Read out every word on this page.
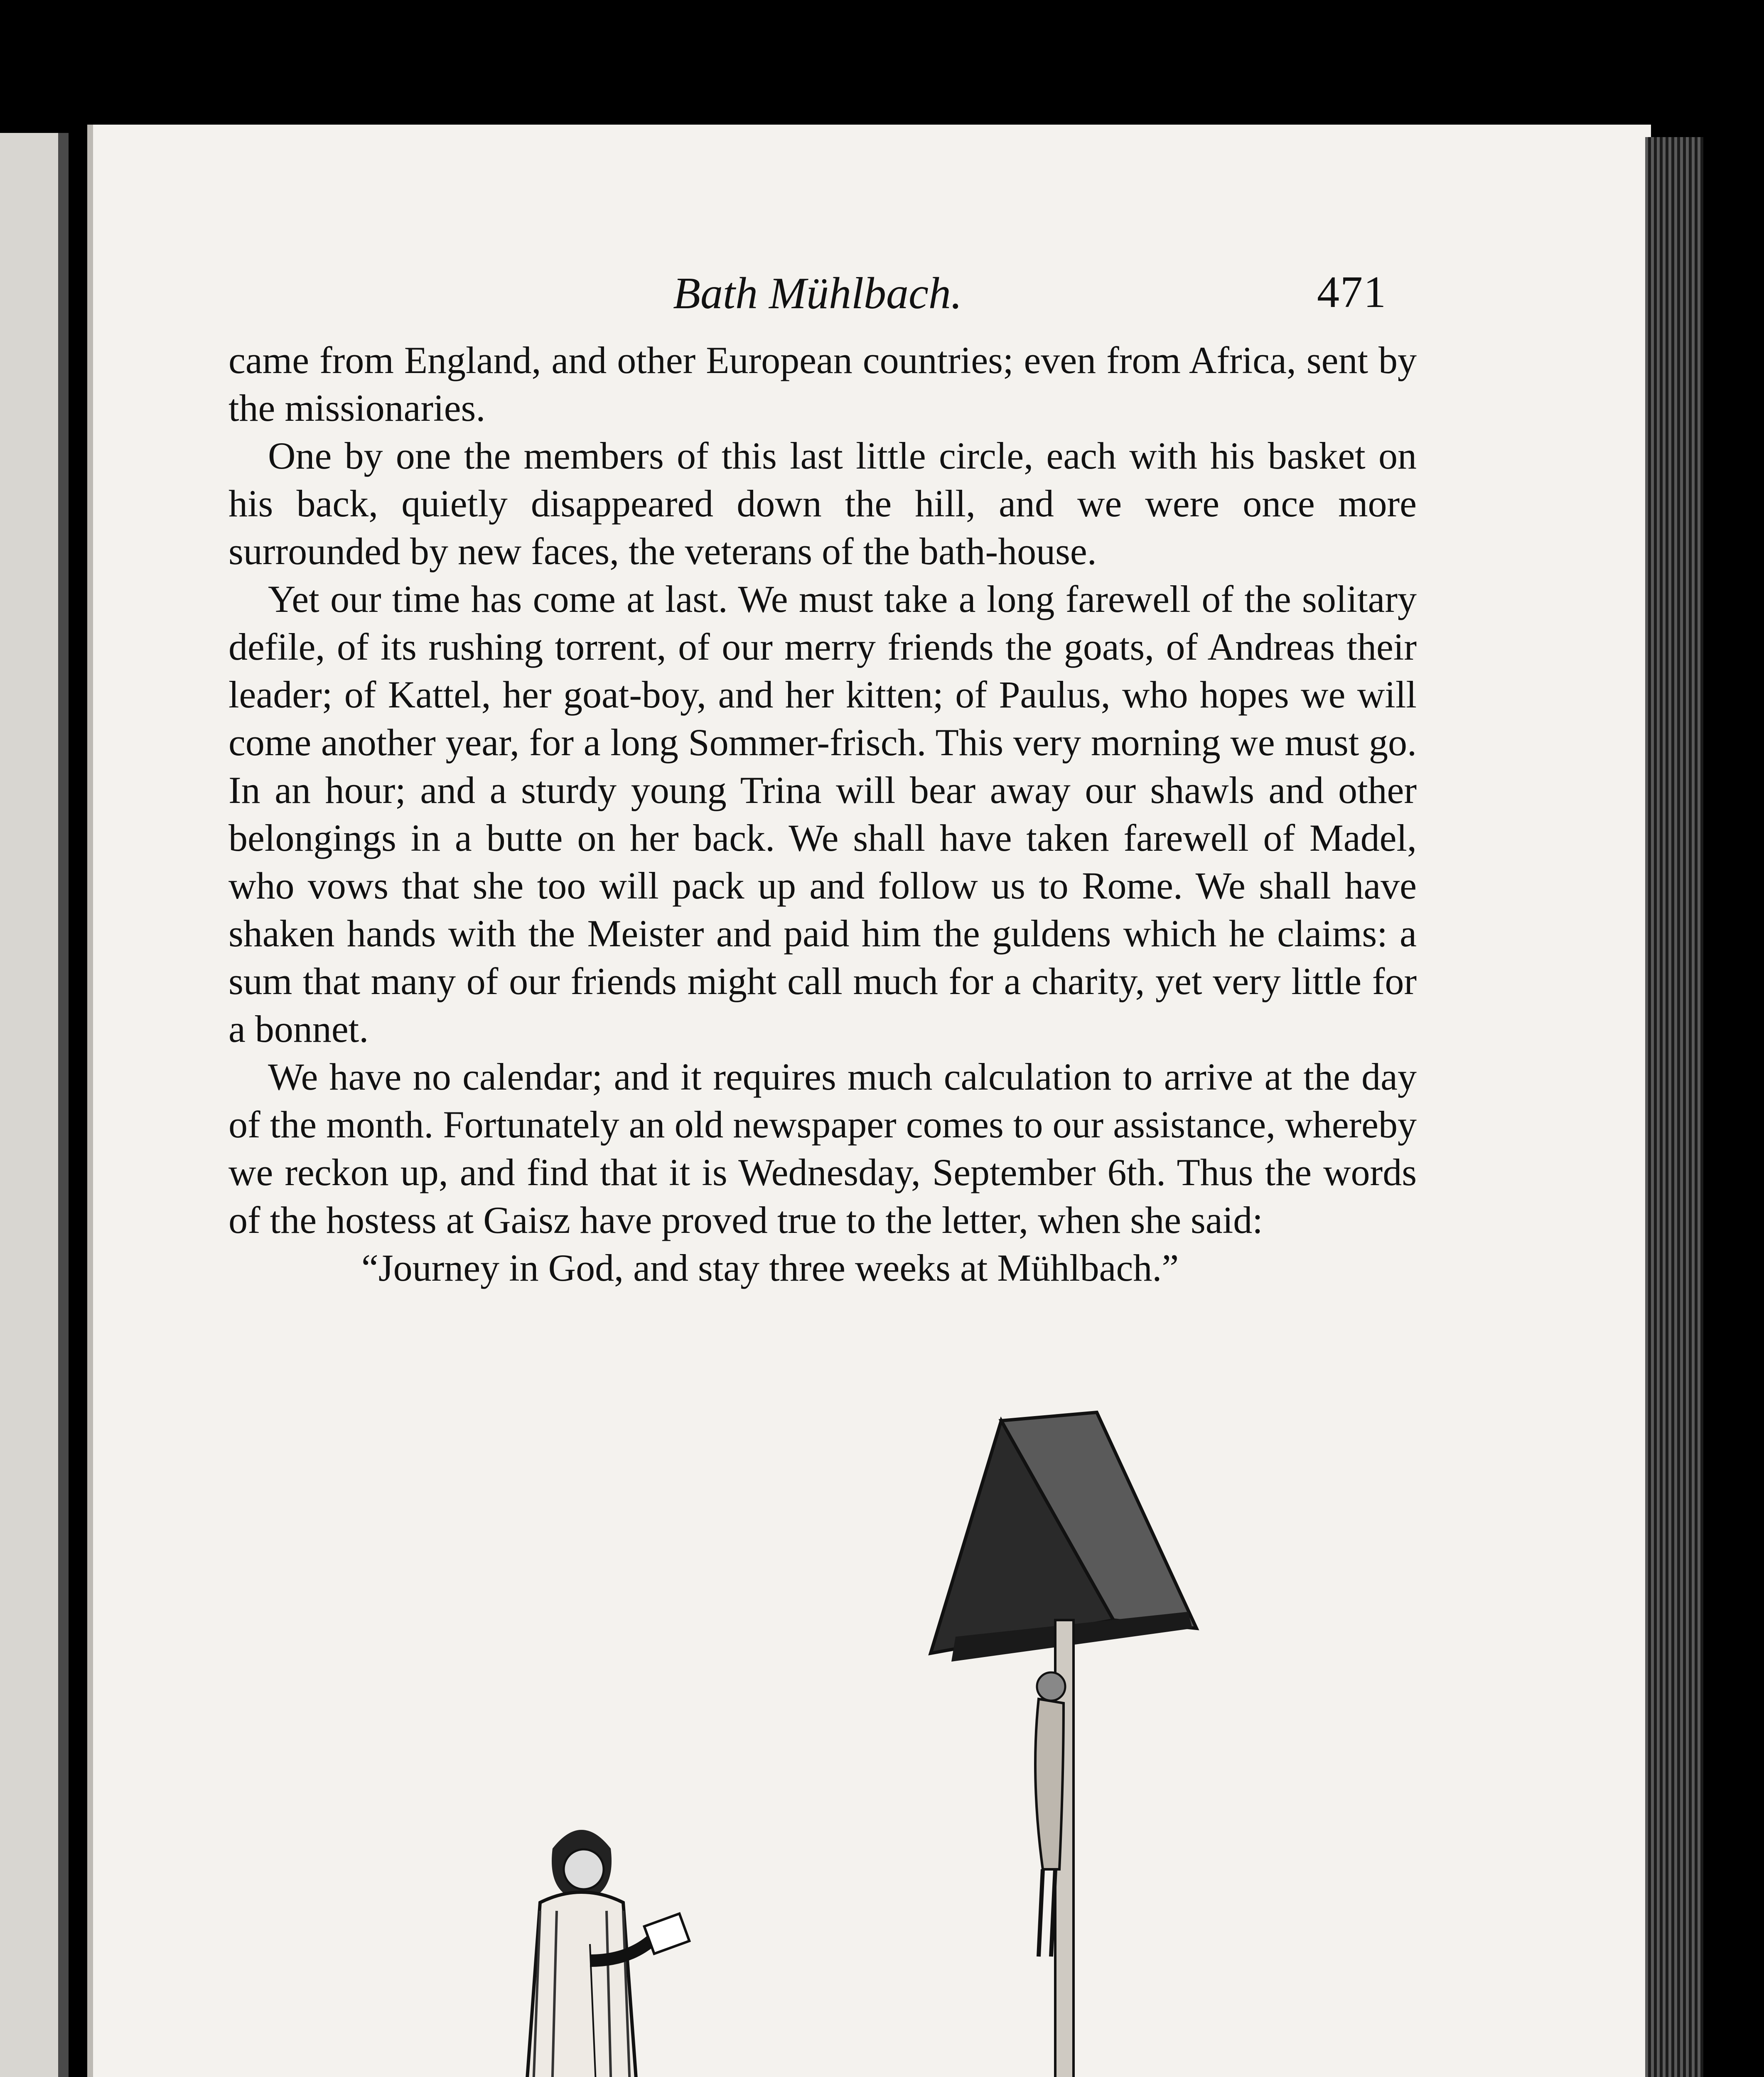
Bath Mühlbach.	471

came from England, and other European countries; even from Africa, sent by the missionaries.

One by one the members of this last little circle, each with his basket on his back, quietly disappeared down the hill, and we were once more surrounded by new faces, the veterans of the bath-house.

Yet our time has come at last. We must take a long farewell of the solitary defile, of its rushing torrent, of our merry friends the goats, of Andreas their leader; of Kattel, her goat-boy, and her kitten; of Paulus, who hopes we will come another year, for a long Sommer-frisch. This very morning we must go. In an hour; and a sturdy young Trina will bear away our shawls and other belongings in a butte on her back. We shall have taken farewell of Madel, who vows that she too will pack up and follow us to Rome. We shall have shaken hands with the Meister and paid him the guldens which he claims: a sum that many of our friends might call much for a charity, yet very little for a bonnet.

We have no calendar; and it requires much calculation to arrive at the day of the month. Fortunately an old newspaper comes to our assistance, whereby we reckon up, and find that it is Wednesday, September 6th. Thus the words of the hostess at Gaisz have proved true to the letter, when she said:

“Journey in God, and stay three weeks at Mühlbach.”
